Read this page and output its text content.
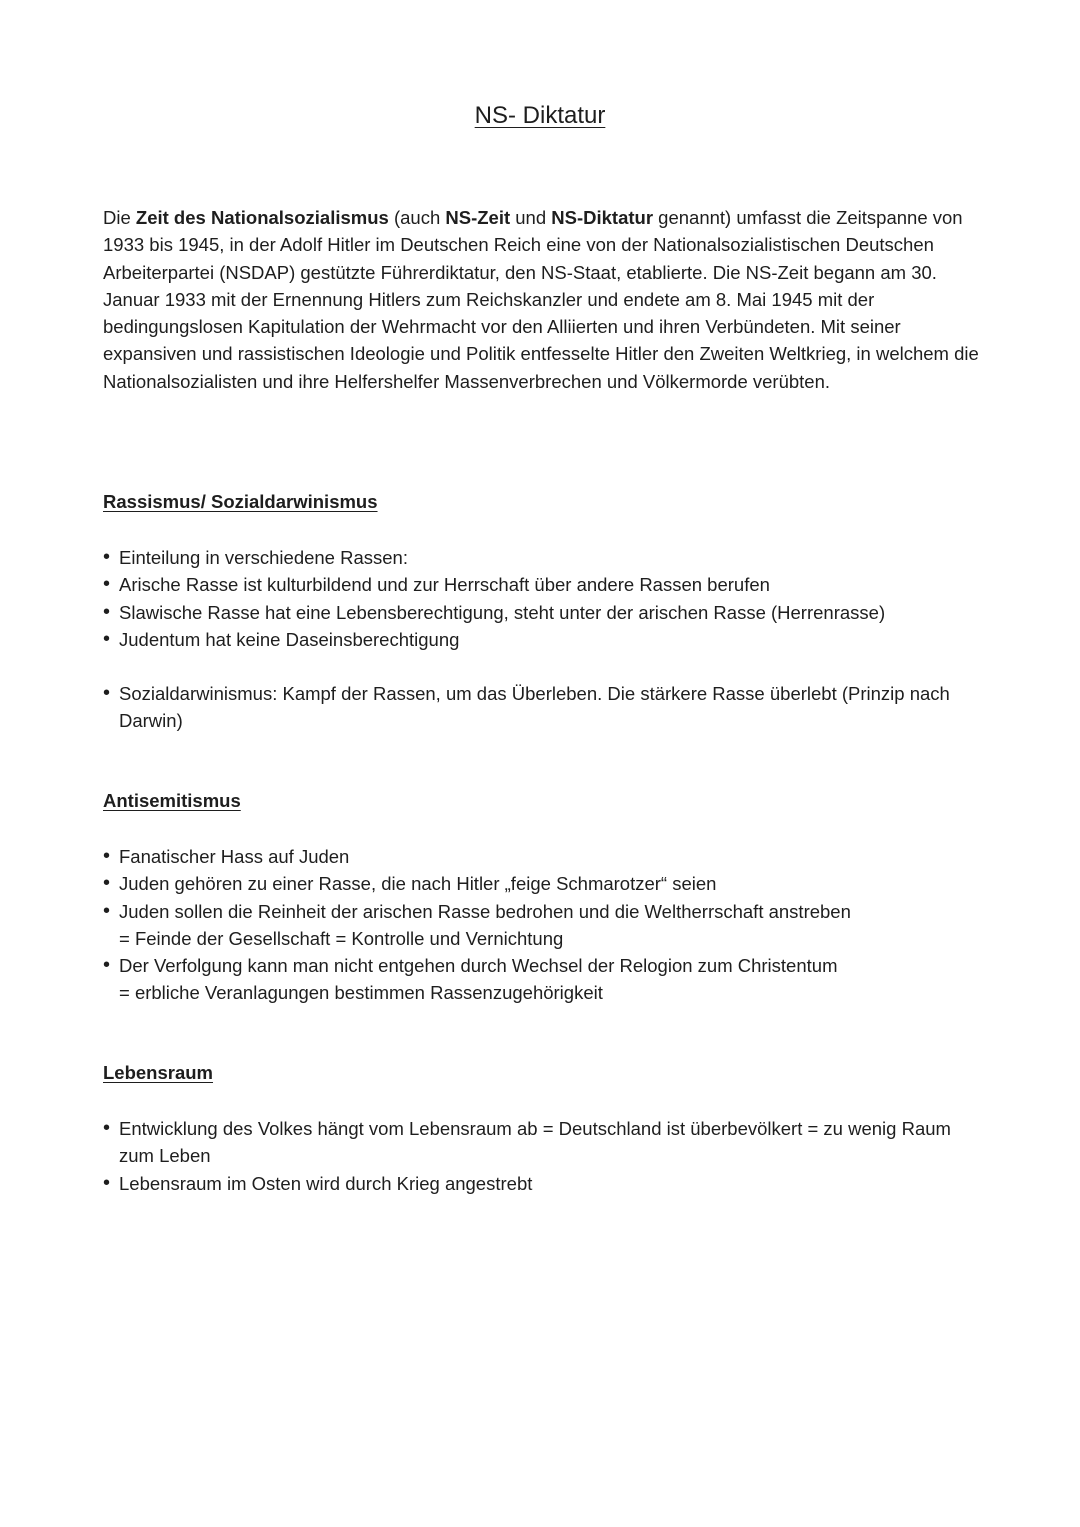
NS- Diktatur

Die Zeit des Nationalsozialismus (auch NS-Zeit und NS-Diktatur genannt) umfasst die Zeitspanne von 1933 bis 1945, in der Adolf Hitler im Deutschen Reich eine von der Nationalsozialistischen Deutschen Arbeiterpartei (NSDAP) gestützte Führerdiktatur, den NS-Staat, etablierte. Die NS-Zeit begann am 30. Januar 1933 mit der Ernennung Hitlers zum Reichskanzler und endete am 8. Mai 1945 mit der bedingungslosen Kapitulation der Wehrmacht vor den Alliierten und ihren Verbündeten. Mit seiner expansiven und rassistischen Ideologie und Politik entfesselte Hitler den Zweiten Weltkrieg, in welchem die Nationalsozialisten und ihre Helfershelfer Massenverbrechen und Völkermorde verübten.

Rassismus/ Sozialdarwinismus
• Einteilung in verschiedene Rassen:
• Arische Rasse ist kulturbildend und zur Herrschaft über andere Rassen berufen
• Slawische Rasse hat eine Lebensberechtigung, steht unter der arischen Rasse (Herrenrasse)
• Judentum hat keine Daseinsberechtigung
• Sozialdarwinismus: Kampf der Rassen, um das Überleben. Die stärkere Rasse überlebt (Prinzip nach Darwin)
Antisemitismus
• Fanatischer Hass auf Juden
• Juden gehören zu einer Rasse, die nach Hitler „feige Schmarotzer“ seien
• Juden sollen die Reinheit der arischen Rasse bedrohen und die Weltherrschaft anstreben
= Feinde der Gesellschaft = Kontrolle und Vernichtung
• Der Verfolgung kann man nicht entgehen durch Wechsel der Relogion zum Christentum
= erbliche Veranlagungen bestimmen Rassenzugehörigkeit
Lebensraum
• Entwicklung des Volkes hängt vom Lebensraum ab = Deutschland ist überbevölkert = zu wenig Raum zum Leben
• Lebensraum im Osten wird durch Krieg angestrebt
